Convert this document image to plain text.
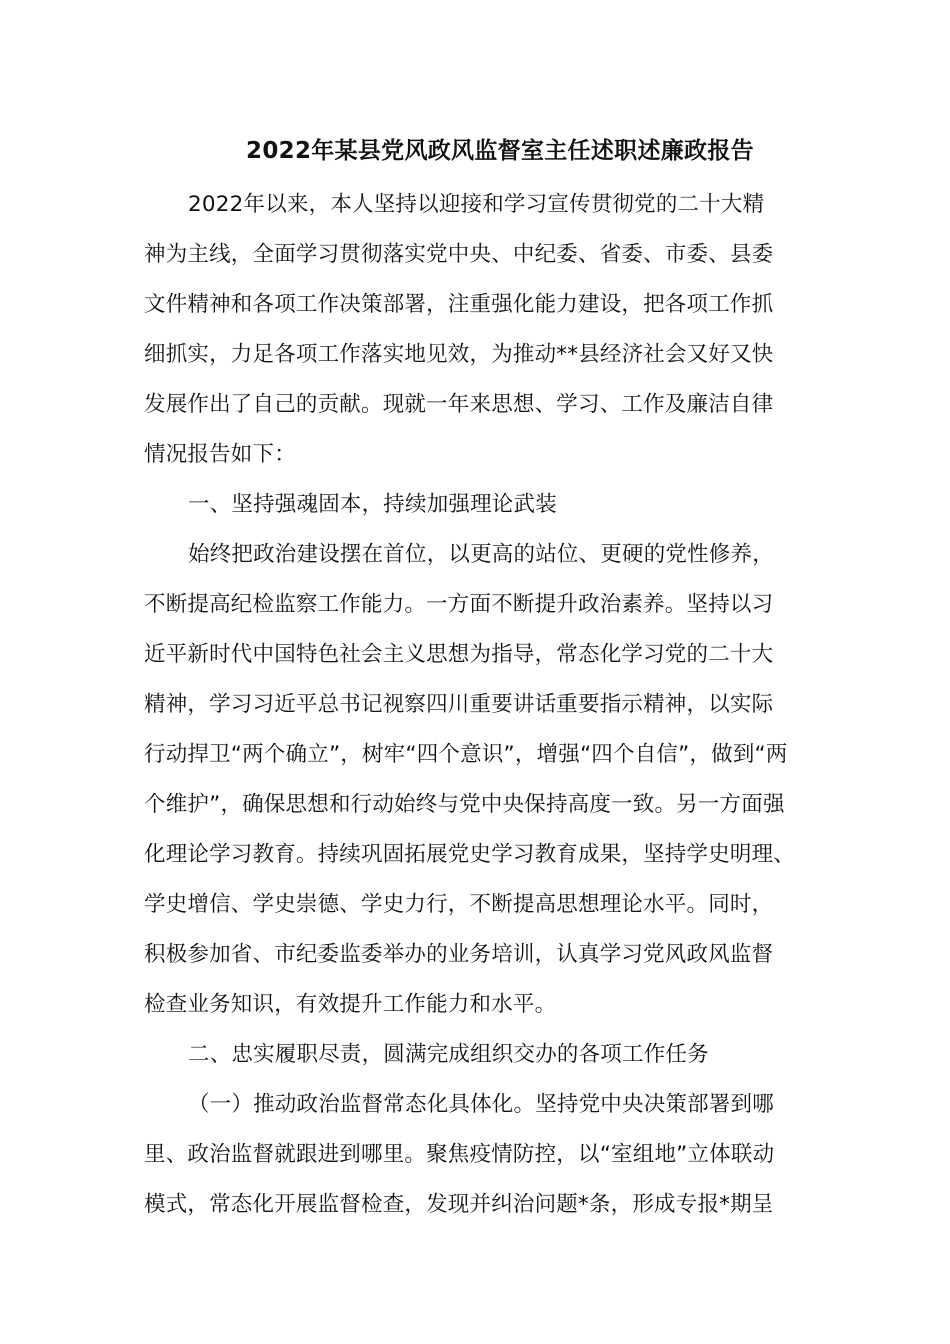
2022年某县党风政风监督室主任述职述廉政报告
2022年以来，本人坚持以迎接和学习宣传贯彻党的二十大精
神为主线，全面学习贯彻落实党中央、中纪委、省委、市委、县委
文件精神和各项工作决策部署，注重强化能力建设，把各项工作抓
细抓实，力足各项工作落实地见效，为推动**县经济社会又好又快
发展作出了自己的贡献。现就一年来思想、学习、工作及廉洁自律
情况报告如下：
一、坚持强魂固本，持续加强理论武装
始终把政治建设摆在首位，以更高的站位、更硬的党性修养，
不断提高纪检监察工作能力。一方面不断提升政治素养。坚持以习
近平新时代中国特色社会主义思想为指导，常态化学习党的二十大
精神，学习习近平总书记视察四川重要讲话重要指示精神，以实际
行动捍卫“两个确立”，树牢“四个意识”，增强“四个自信”，做到“两
个维护”，确保思想和行动始终与党中央保持高度一致。另一方面强
化理论学习教育。持续巩固拓展党史学习教育成果，坚持学史明理、
学史增信、学史崇德、学史力行，不断提高思想理论水平。同时，
积极参加省、市纪委监委举办的业务培训，认真学习党风政风监督
检查业务知识，有效提升工作能力和水平。
二、忠实履职尽责，圆满完成组织交办的各项工作任务
（一）推动政治监督常态化具体化。坚持党中央决策部署到哪
里、政治监督就跟进到哪里。聚焦疫情防控，以“室组地”立体联动
模式，常态化开展监督检查，发现并纠治问题*条，形成专报*期呈
